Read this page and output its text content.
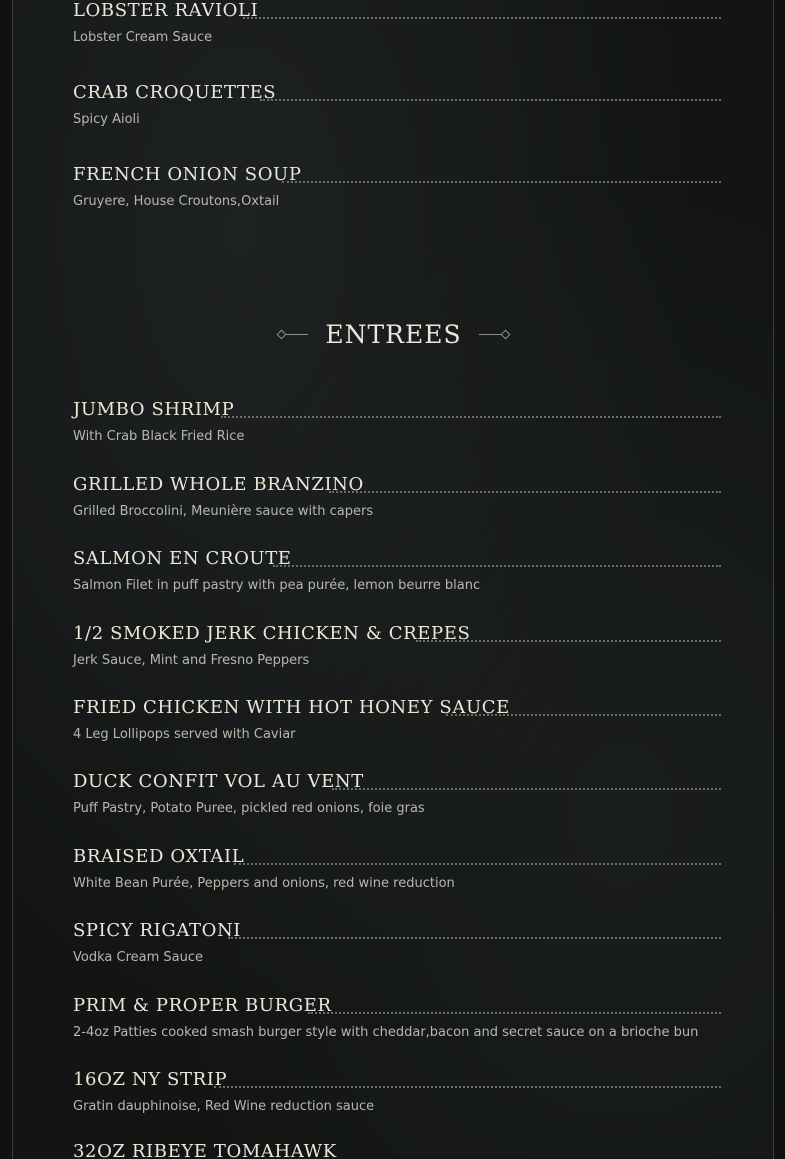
LOBSTER RAVIOLI
Lobster Cream Sauce
CRAB CROQUETTES
Spicy Aioli
FRENCH ONION SOUP
Gruyere, House Croutons,Oxtail
ENTREES
JUMBO SHRIMP
With Crab Black Fried Rice
GRILLED WHOLE BRANZINO
Grilled Broccolini, Meunière sauce with capers
SALMON EN CROUTE
Salmon Filet in puff pastry with pea purée, lemon beurre blanc
1/2 SMOKED JERK CHICKEN & CREPES
Jerk Sauce, Mint and Fresno Peppers
FRIED CHICKEN WITH HOT HONEY SAUCE
4 Leg Lollipops served with Caviar
DUCK CONFIT VOL AU VENT
Puff Pastry, Potato Puree, pickled red onions, foie gras
BRAISED OXTAIL
White Bean Purée, Peppers and onions, red wine reduction
SPICY RIGATONI
Vodka Cream Sauce
PRIM & PROPER BURGER
2-4oz Patties cooked smash burger style with cheddar,bacon and secret sauce on a brioche bun
16OZ NY STRIP
Gratin dauphinoise, Red Wine reduction sauce
32OZ RIBEYE TOMAHAWK
